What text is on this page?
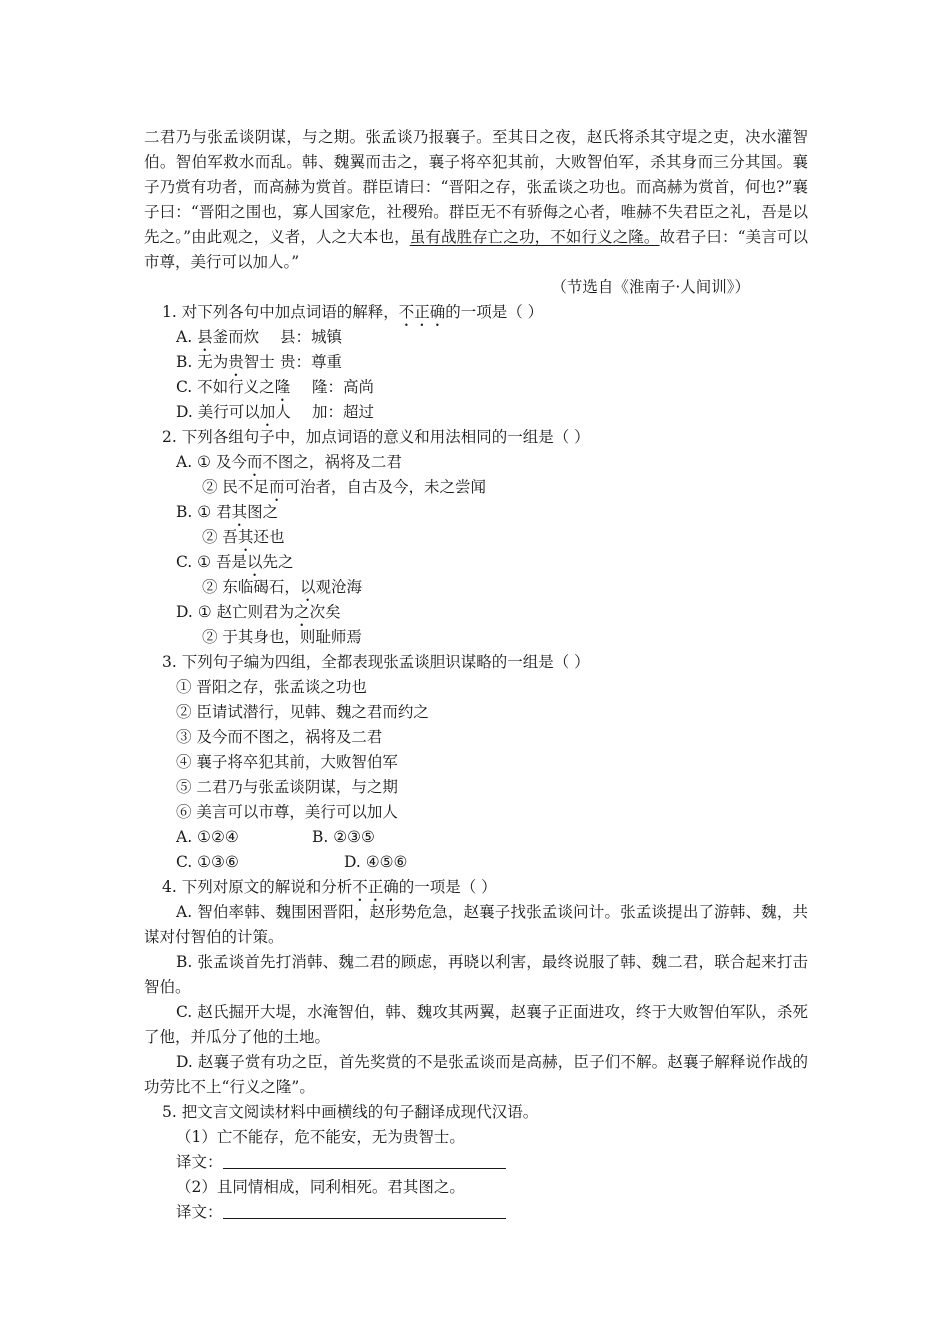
二君乃与张孟谈阴谋，与之期。张孟谈乃报襄子。至其日之夜，赵氏将杀其守堤之吏，决水灌智伯。智伯军救水而乱。韩、魏翼而击之，襄子将卒犯其前，大败智伯军，杀其身而三分其国。襄子乃赏有功者，而高赫为赏首。群臣请曰：“晋阳之存，张孟谈之功也。而高赫为赏首，何也?”襄子曰：“晋阳之围也，寡人国家危，社稷殆。群臣无不有骄侮之心者，唯赫不失君臣之礼，吾是以先之。”由此观之，义者，人之大本也，虽有战胜存亡之功，不如行义之隆。故君子曰：“美言可以市尊，美行可以加人。”

（节选自《淮南子·人间训》）
1. 对下列各句中加点词语的解释，不正确的一项是（ ）
A. 县釜而炊 县：城镇
B. 无为贵智士 贵：尊重
C. 不如行义之隆 隆：高尚
D. 美行可以加人 加：超过
2. 下列各组句子中，加点词语的意义和用法相同的一组是（ ）
A. ① 及今而不图之，祸将及二君
② 民不足而可治者，自古及今，未之尝闻
B. ① 君其图之
② 吾其还也
C. ① 吾是以先之
② 东临碣石，以观沧海
D. ① 赵亡则君为之次矣
② 于其身也，则耻师焉
3. 下列句子编为四组，全都表现张孟谈胆识谋略的一组是（ ）
① 晋阳之存，张孟谈之功也
② 臣请试潜行，见韩、魏之君而约之
③ 及今而不图之，祸将及二君
④ 襄子将卒犯其前，大败智伯军
⑤ 二君乃与张孟谈阴谋，与之期
⑥ 美言可以市尊，美行可以加人
A. ①②④	B. ②③⑤
C. ①③⑥	D. ④⑤⑥
4. 下列对原文的解说和分析不正确的一项是（ ）

A. 智伯率韩、魏围困晋阳，赵形势危急，赵襄子找张孟谈问计。张孟谈提出了游韩、魏，共谋对付智伯的计策。

B. 张孟谈首先打消韩、魏二君的顾虑，再晓以利害，最终说服了韩、魏二君，联合起来打击智伯。

C. 赵氏掘开大堤，水淹智伯，韩、魏攻其两翼，赵襄子正面进攻，终于大败智伯军队，杀死了他，并瓜分了他的土地。

D. 赵襄子赏有功之臣，首先奖赏的不是张孟谈而是高赫，臣子们不解。赵襄子解释说作战的功劳比不上“行义之隆”。

5. 把文言文阅读材料中画横线的句子翻译成现代汉语。
（1）亡不能存，危不能安，无为贵智士。
译文：
（2）且同情相成，同利相死。君其图之。
译文：
